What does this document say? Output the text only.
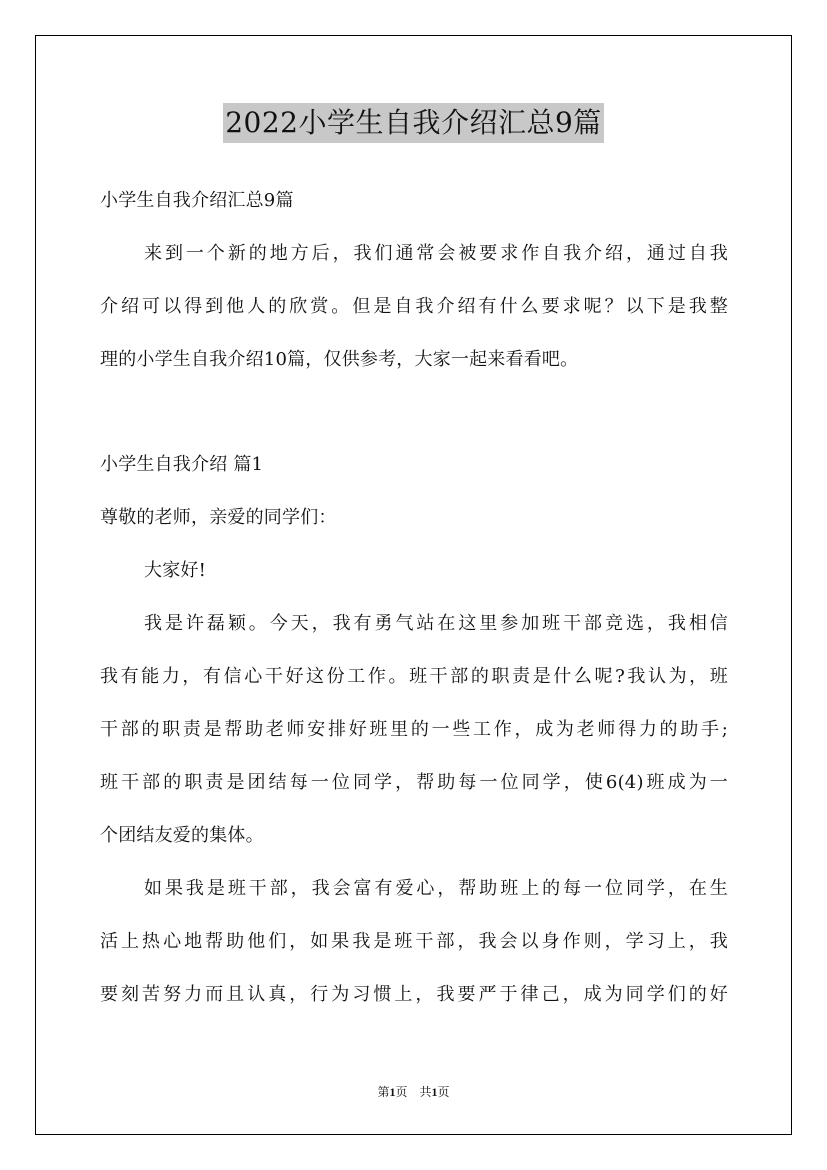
2022小学生自我介绍汇总9篇
小学生自我介绍汇总9篇
来到一个新的地方后，我们通常会被要求作自我介绍，通过自我
介绍可以得到他人的欣赏。但是自我介绍有什么要求呢？以下是我整
理的小学生自我介绍10篇，仅供参考，大家一起来看看吧。
小学生自我介绍 篇1
尊敬的老师，亲爱的同学们：
大家好!
我是许磊颖。今天，我有勇气站在这里参加班干部竞选，我相信
我有能力，有信心干好这份工作。班干部的职责是什么呢?我认为，班
干部的职责是帮助老师安排好班里的一些工作，成为老师得力的助手;
班干部的职责是团结每一位同学，帮助每一位同学，使6(4)班成为一
个团结友爱的集体。
如果我是班干部，我会富有爱心，帮助班上的每一位同学，在生
活上热心地帮助他们，如果我是班干部，我会以身作则，学习上，我
要刻苦努力而且认真，行为习惯上，我要严于律己，成为同学们的好
第1页　共1页
